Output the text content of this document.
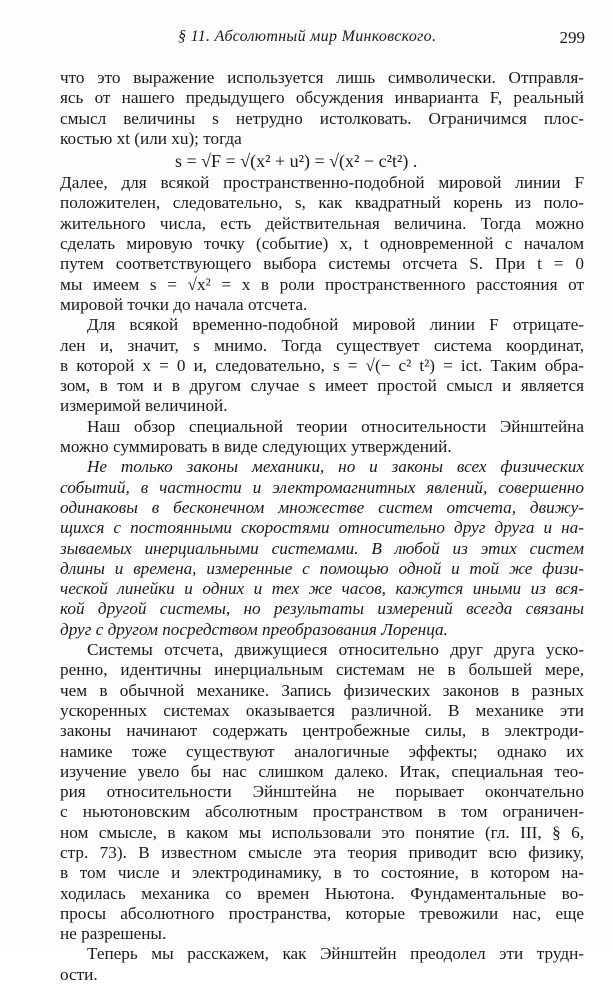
§ 11. Абсолютный мир Минковского.	299
что это выражение используется лишь символически. Отправля-
ясь от нашего предыдущего обсуждения инварианта F, реальный
смысл величины s нетрудно истолковать. Ограничимся плос-
костью xt (или xu); тогда
s = √F = √(x² + u²) = √(x² − c²t²) .
Далее, для всякой пространственно-подобной мировой линии F
положителен, следовательно, s, как квадратный корень из поло-
жительного числа, есть действительная величина. Тогда можно
сделать мировую точку (событие) x, t одновременной с началом
путем соответствующего выбора системы отсчета S. При t = 0
мы имеем s = √x² = x в роли пространственного расстояния от
мировой точки до начала отсчета.
Для всякой временно-подобной мировой линии F отрицате-
лен и, значит, s мнимо. Тогда существует система координат,
в которой x = 0 и, следовательно, s = √(− c² t²) = ict. Таким обра-
зом, в том и в другом случае s имеет простой смысл и является
измеримой величиной.
Наш обзор специальной теории относительности Эйнштейна
можно суммировать в виде следующих утверждений.
Не только законы механики, но и законы всех физических
событий, в частности и электромагнитных явлений, совершенно
одинаковы в бесконечном множестве систем отсчета, движу-
щихся с постоянными скоростями относительно друг друга и на-
зываемых инерциальными системами. В любой из этих систем
длины и времена, измеренные с помощью одной и той же физи-
ческой линейки и одних и тех же часов, кажутся иными из вся-
кой другой системы, но результаты измерений всегда связаны
друг с другом посредством преобразования Лоренца.
Системы отсчета, движущиеся относительно друг друга уско-
ренно, идентичны инерциальным системам не в большей мере,
чем в обычной механике. Запись физических законов в разных
ускоренных системах оказывается различной. В механике эти
законы начинают содержать центробежные силы, в электроди-
намике тоже существуют аналогичные эффекты; однако их
изучение увело бы нас слишком далеко. Итак, специальная тео-
рия относительности Эйнштейна не порывает окончательно
с ньютоновским абсолютным пространством в том ограничен-
ном смысле, в каком мы использовали это понятие (гл. III, § 6,
стр. 73). В известном смысле эта теория приводит всю физику,
в том числе и электродинамику, в то состояние, в котором на-
ходилась механика со времен Ньютона. Фундаментальные во-
просы абсолютного пространства, которые тревожили нас, еще
не разрешены.
Теперь мы расскажем, как Эйнштейн преодолел эти трудн-
ости.
